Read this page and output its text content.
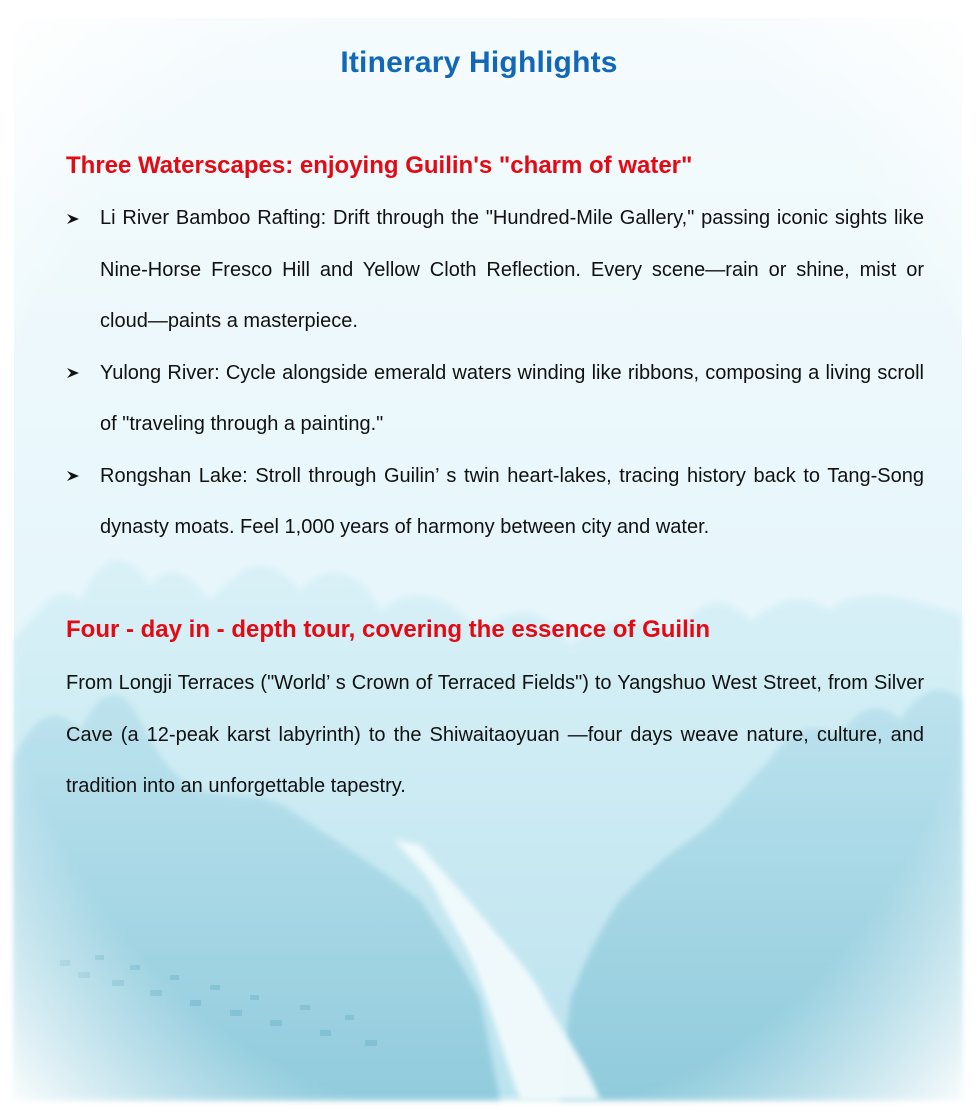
Itinerary Highlights
Three Waterscapes: enjoying Guilin's "charm of water"
Li River Bamboo Rafting: Drift through the "Hundred-Mile Gallery," passing iconic sights like Nine-Horse Fresco Hill and Yellow Cloth Reflection. Every scene—rain or shine, mist or cloud—paints a masterpiece.
Yulong River: Cycle alongside emerald waters winding like ribbons, composing a living scroll of "traveling through a painting."
Rongshan Lake: Stroll through Guilin’ s twin heart-lakes, tracing history back to Tang-Song dynasty moats. Feel 1,000 years of harmony between city and water.
Four - day in - depth tour, covering the essence of Guilin

From Longji Terraces ("World’ s Crown of Terraced Fields") to Yangshuo West Street, from Silver Cave (a 12-peak karst labyrinth) to the Shiwaitaoyuan —four days weave nature, culture, and tradition into an unforgettable tapestry.
